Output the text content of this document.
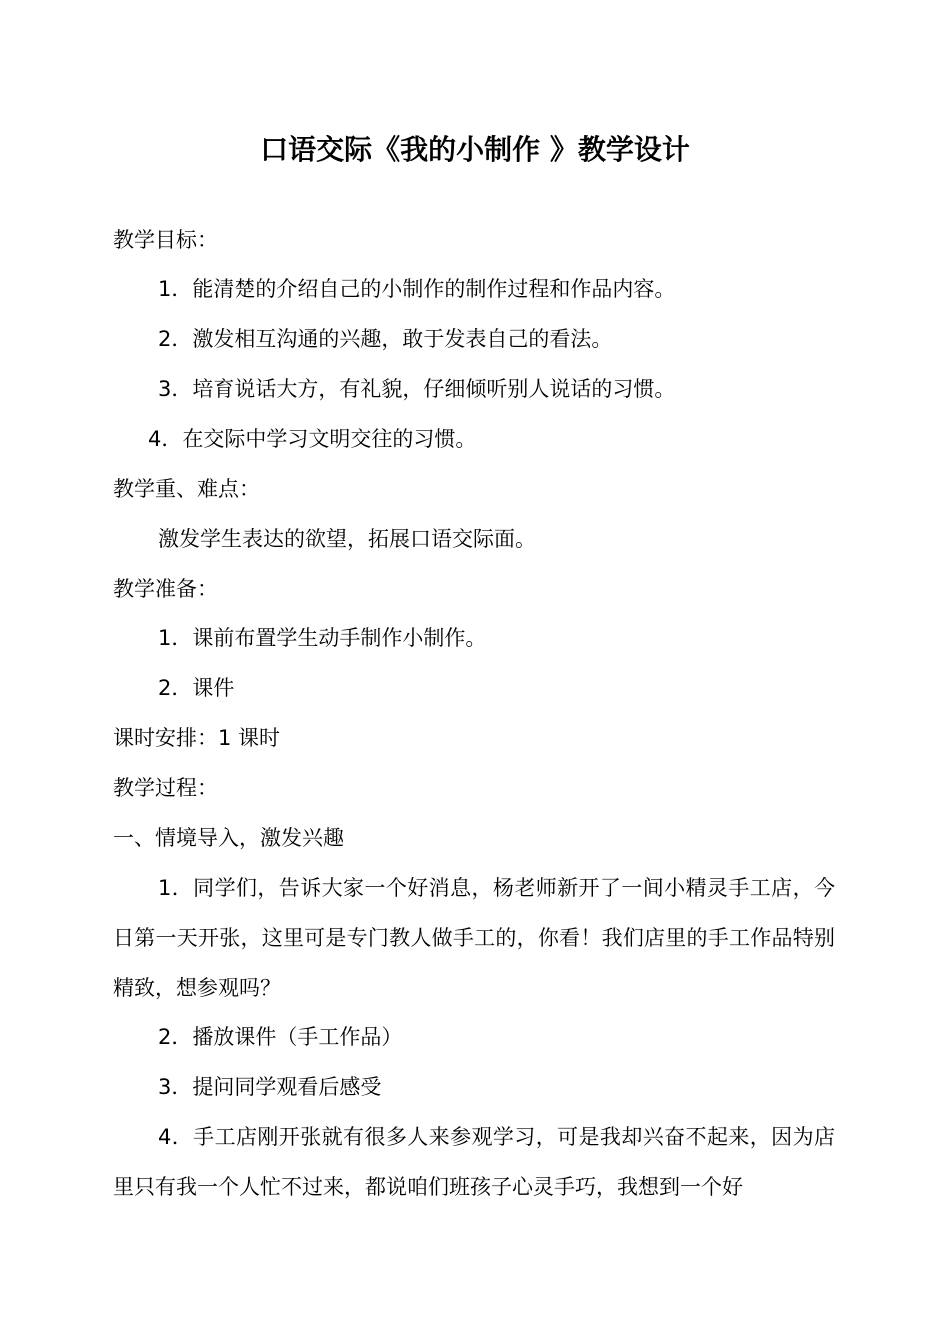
口语交际《我的小制作 》教学设计
教学目标：
1．能清楚的介绍自己的小制作的制作过程和作品内容。
2．激发相互沟通的兴趣，敢于发表自己的看法。
3．培育说话大方，有礼貌，仔细倾听别人说话的习惯。
4．在交际中学习文明交往的习惯。
教学重、难点：
激发学生表达的欲望，拓展口语交际面。
教学准备：
1．课前布置学生动手制作小制作。
2．课件
课时安排：1 课时
教学过程：
一、情境导入，激发兴趣
1．同学们，告诉大家一个好消息，杨老师新开了一间小精灵手工店，今日第一天开张，这里可是专门教人做手工的，你看！我们店里的手工作品特别精致，想参观吗？
2．播放课件（手工作品）
3．提问同学观看后感受
4．手工店刚开张就有很多人来参观学习，可是我却兴奋不起来，因为店里只有我一个人忙不过来，都说咱们班孩子心灵手巧，我想到一个好
